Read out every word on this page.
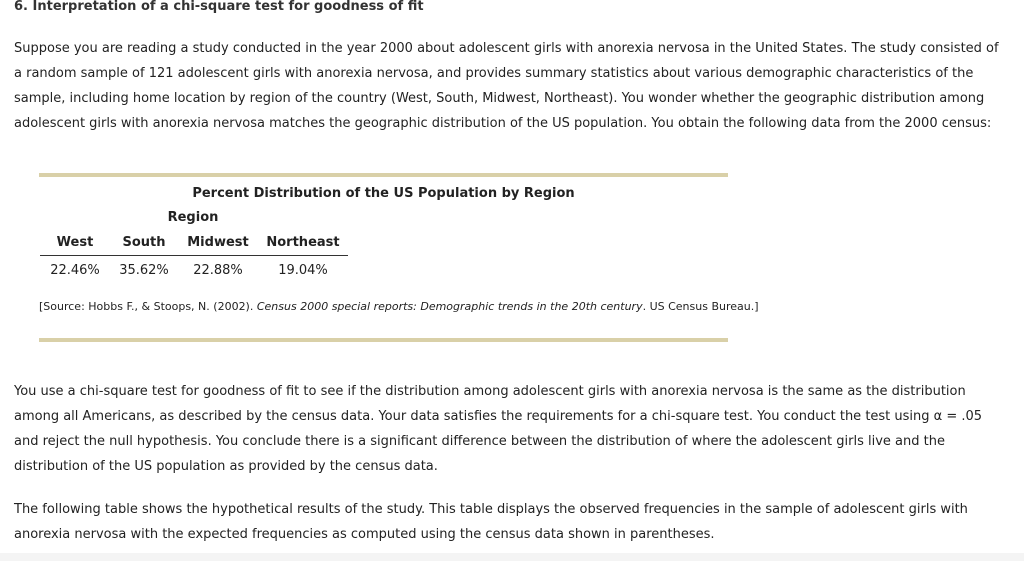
6. Interpretation of a chi-square test for goodness of fit
Suppose you are reading a study conducted in the year 2000 about adolescent girls with anorexia nervosa in the United States. The study consisted of a random sample of 121 adolescent girls with anorexia nervosa, and provides summary statistics about various demographic characteristics of the sample, including home location by region of the country (West, South, Midwest, Northeast). You wonder whether the geographic distribution among adolescent girls with anorexia nervosa matches the geographic distribution of the US population. You obtain the following data from the 2000 census:
Percent Distribution of the US Population by Region
Region
West	South	Midwest	Northeast
22.46%	35.62%	22.88%	19.04%
[Source: Hobbs F., & Stoops, N. (2002). Census 2000 special reports: Demographic trends in the 20th century. US Census Bureau.]
You use a chi-square test for goodness of fit to see if the distribution among adolescent girls with anorexia nervosa is the same as the distribution among all Americans, as described by the census data. Your data satisfies the requirements for a chi-square test. You conduct the test using α = .05 and reject the null hypothesis. You conclude there is a significant difference between the distribution of where the adolescent girls live and the distribution of the US population as provided by the census data.
The following table shows the hypothetical results of the study. This table displays the observed frequencies in the sample of adolescent girls with anorexia nervosa with the expected frequencies as computed using the census data shown in parentheses.
